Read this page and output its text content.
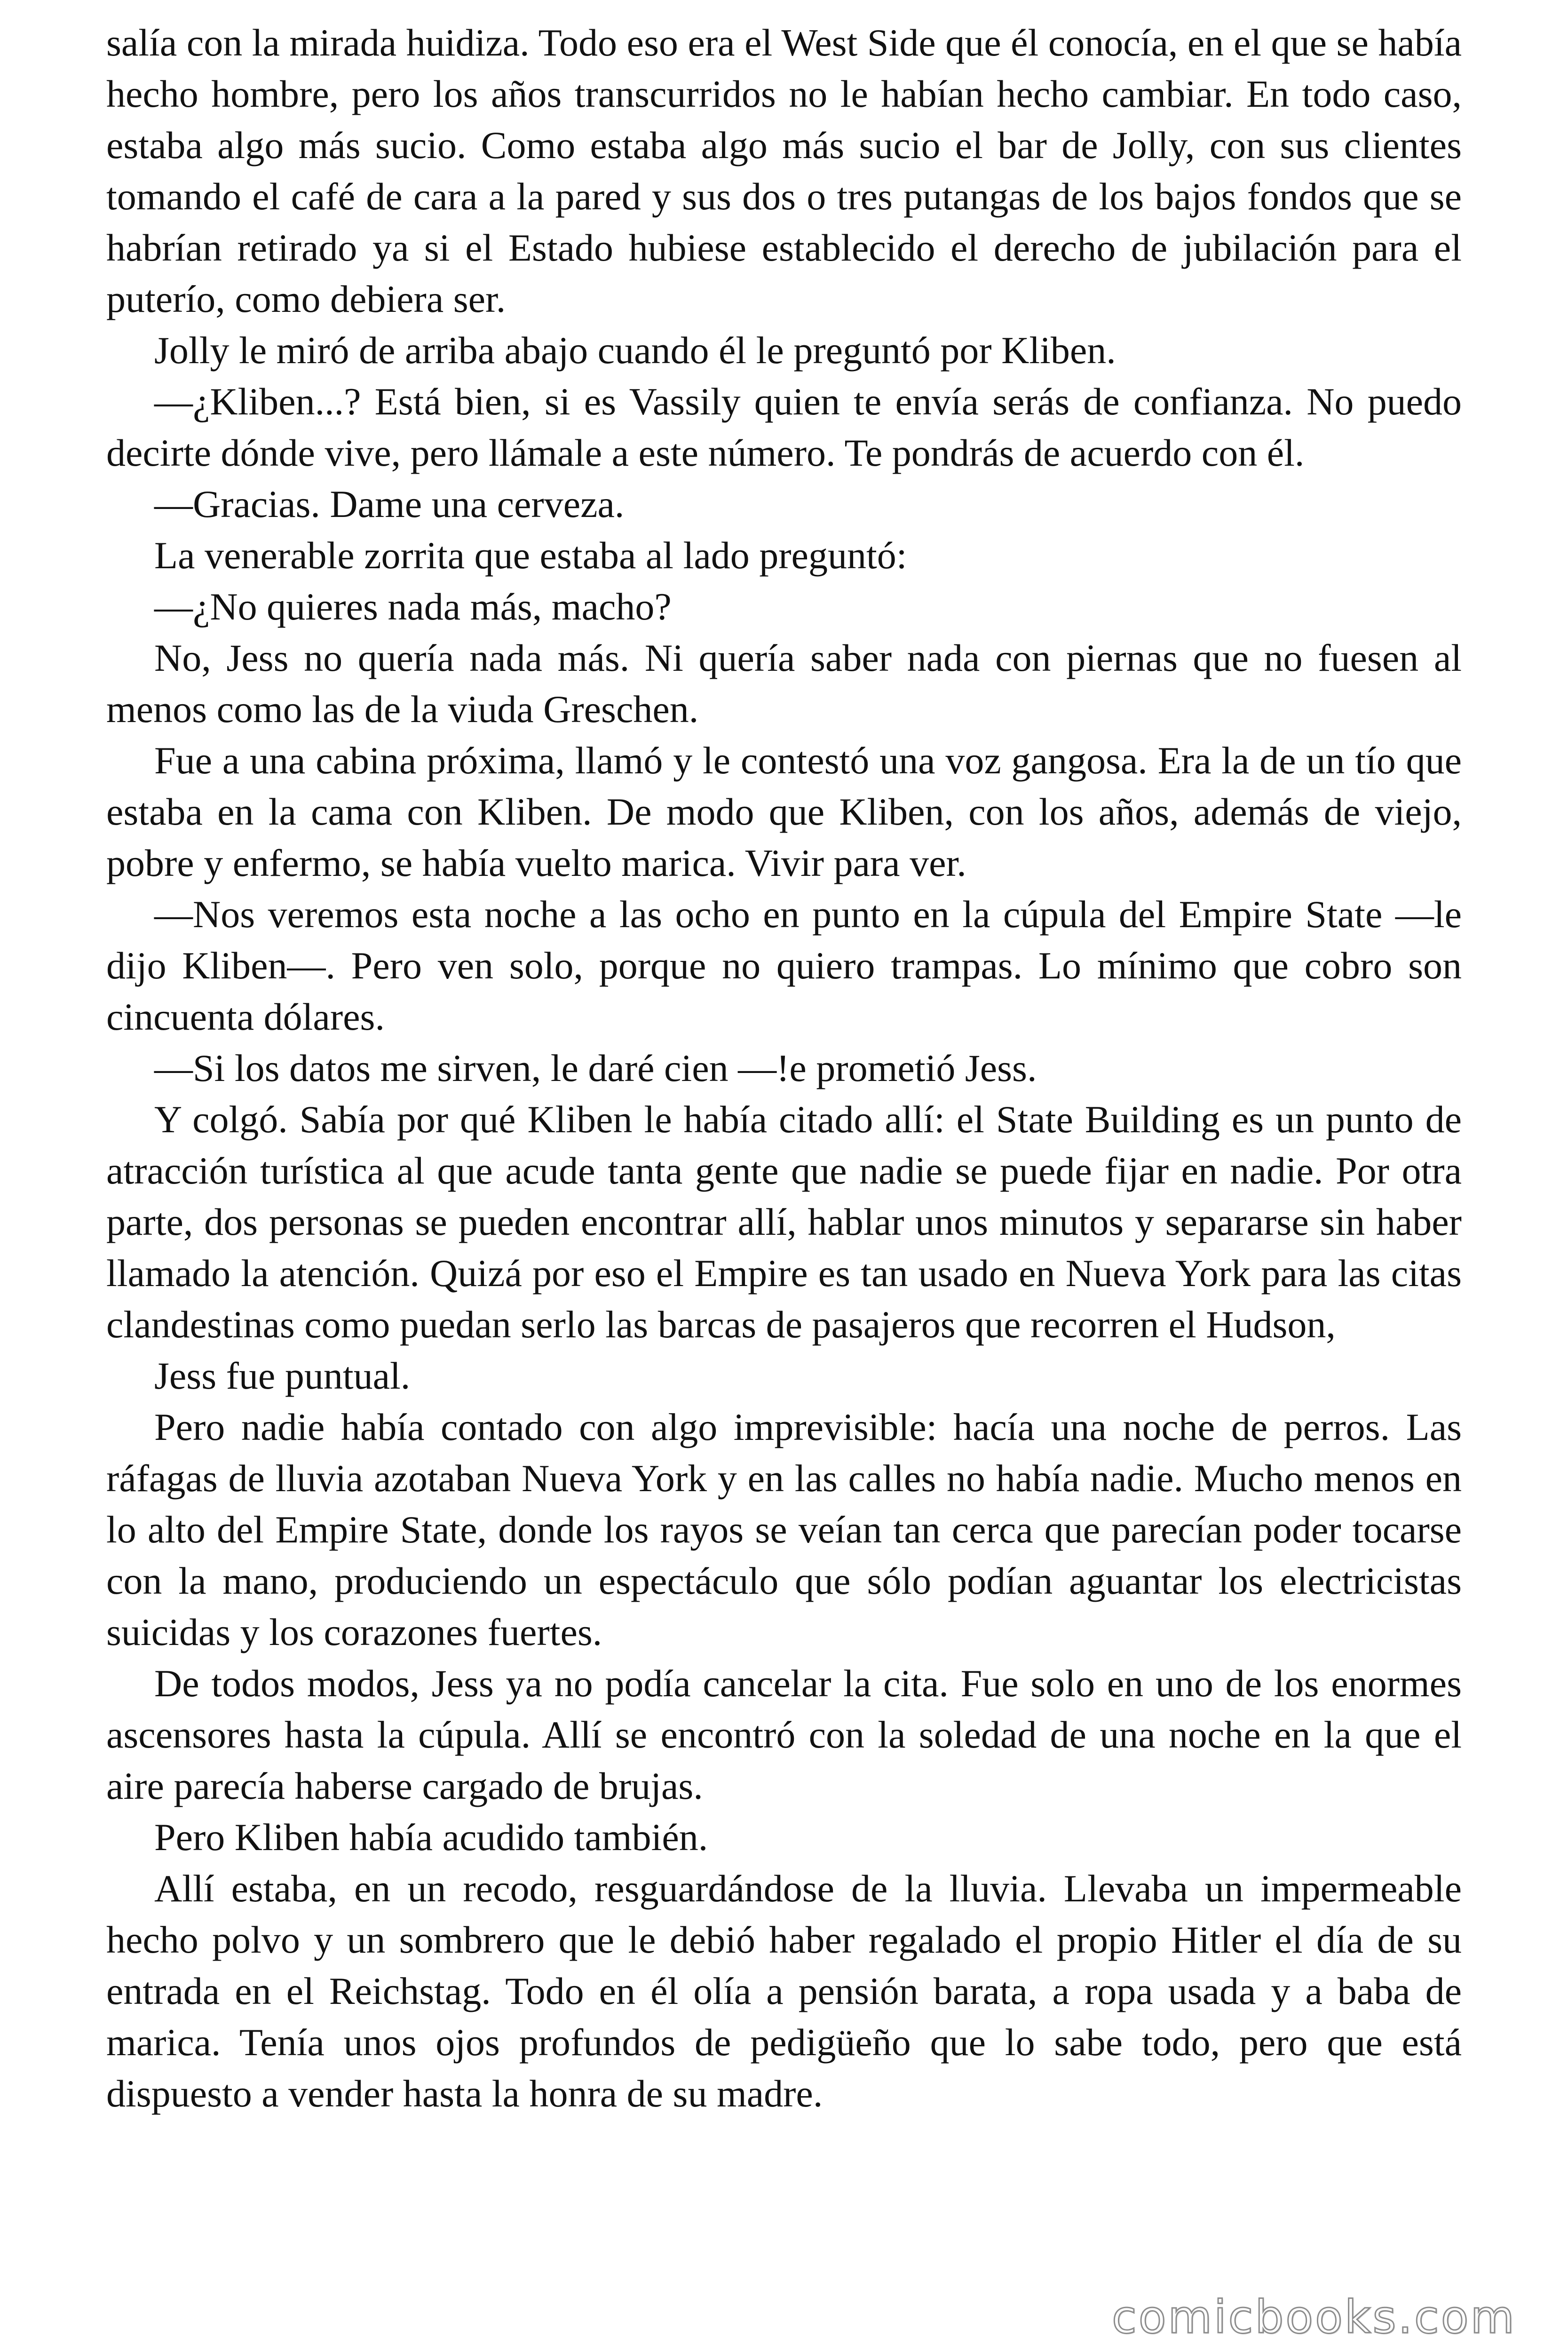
salía con la mirada huidiza. Todo eso era el West Side que él conocía, en el que se había hecho hombre, pero los años transcurridos no le habían hecho cambiar. En todo caso, estaba algo más sucio. Como estaba algo más sucio el bar de Jolly, con sus clientes tomando el café de cara a la pared y sus dos o tres putangas de los bajos fondos que se habrían retirado ya si el Estado hubiese establecido el derecho de jubilación para el puterío, como debiera ser.

Jolly le miró de arriba abajo cuando él le preguntó por Kliben.

—¿Kliben...? Está bien, si es Vassily quien te envía serás de confianza. No puedo decirte dónde vive, pero llámale a este número. Te pondrás de acuerdo con él.

—Gracias. Dame una cerveza.

La venerable zorrita que estaba al lado preguntó:

—¿No quieres nada más, macho?

No, Jess no quería nada más. Ni quería saber nada con piernas que no fuesen al menos como las de la viuda Greschen.

Fue a una cabina próxima, llamó y le contestó una voz gangosa. Era la de un tío que estaba en la cama con Kliben. De modo que Kliben, con los años, además de viejo, pobre y enfermo, se había vuelto marica. Vivir para ver.

—Nos veremos esta noche a las ocho en punto en la cúpula del Empire State —le dijo Kliben—. Pero ven solo, porque no quiero trampas. Lo mínimo que cobro son cincuenta dólares.

—Si los datos me sirven, le daré cien —!e prometió Jess.

Y colgó. Sabía por qué Kliben le había citado allí: el State Building es un punto de atracción turística al que acude tanta gente que nadie se puede fijar en nadie. Por otra parte, dos personas se pueden encontrar allí, hablar unos minutos y separarse sin haber llamado la atención. Quizá por eso el Empire es tan usado en Nueva York para las citas clandestinas como puedan serlo las barcas de pasajeros que recorren el Hudson,

Jess fue puntual.

Pero nadie había contado con algo imprevisible: hacía una noche de perros. Las ráfagas de lluvia azotaban Nueva York y en las calles no había nadie. Mucho menos en lo alto del Empire State, donde los rayos se veían tan cerca que parecían poder tocarse con la mano, produciendo un espectáculo que sólo podían aguantar los electricistas suicidas y los corazones fuertes.

De todos modos, Jess ya no podía cancelar la cita. Fue solo en uno de los enormes ascensores hasta la cúpula. Allí se encontró con la soledad de una noche en la que el aire parecía haberse cargado de brujas.

Pero Kliben había acudido también.

Allí estaba, en un recodo, resguardándose de la lluvia. Llevaba un impermeable hecho polvo y un sombrero que le debió haber regalado el propio Hitler el día de su entrada en el Reichstag. Todo en él olía a pensión barata, a ropa usada y a baba de marica. Tenía unos ojos profundos de pedigüeño que lo sabe todo, pero que está dispuesto a vender hasta la honra de su madre.

comicbooks.com
